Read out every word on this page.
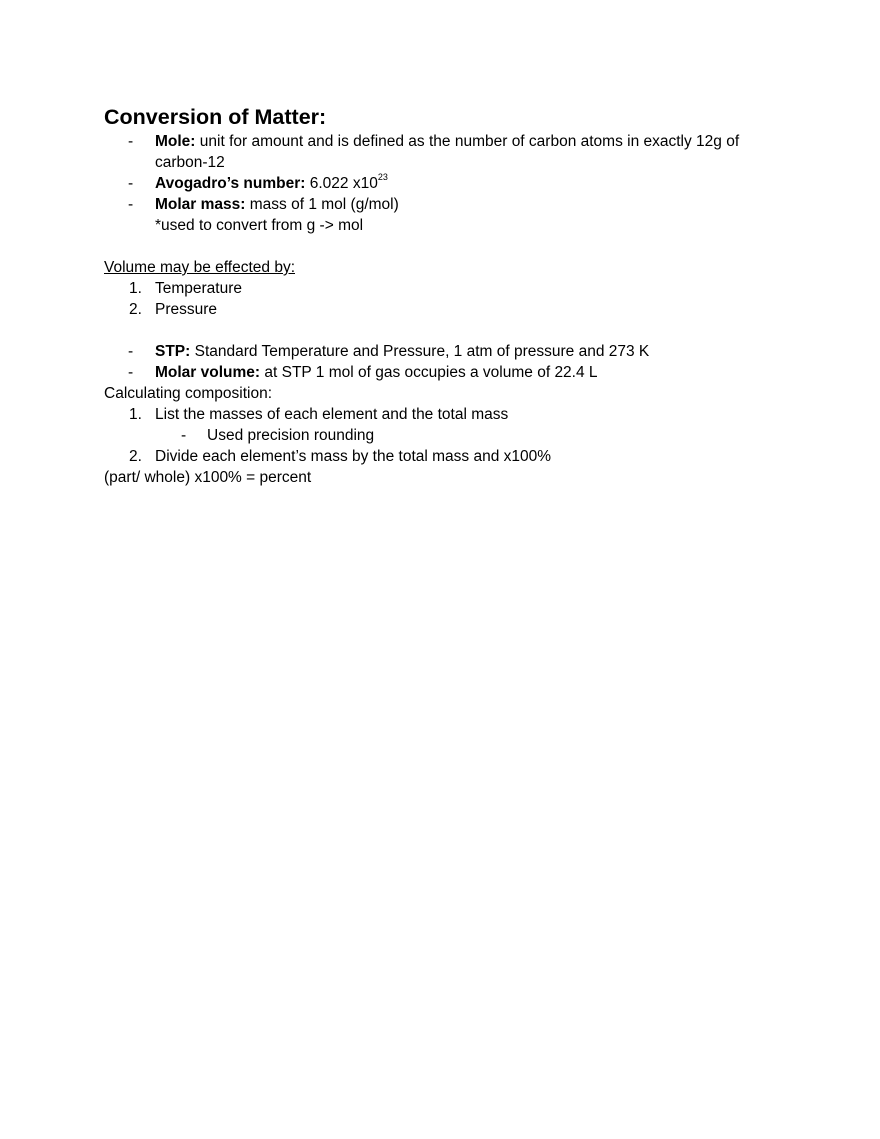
Conversion of Matter:
-	Mole: unit for amount and is defined as the number of carbon atoms in exactly 12g of carbon-12
-	Avogadro’s number: 6.022 $x10^{23}$
-	Molar mass: mass of 1 mol (g/mol)
*used to convert from g -> mol
Volume may be effected by:
1. Temperature
2. Pressure
-	STP: Standard Temperature and Pressure, 1 atm of pressure and 273 K
-	Molar volume: at STP 1 mol of gas occupies a volume of 22.4 L
Calculating composition:
1. List the masses of each element and the total mass
-	Used precision rounding
2. Divide each element’s mass by the total mass and x100%
(part/ whole) x100% = percent
